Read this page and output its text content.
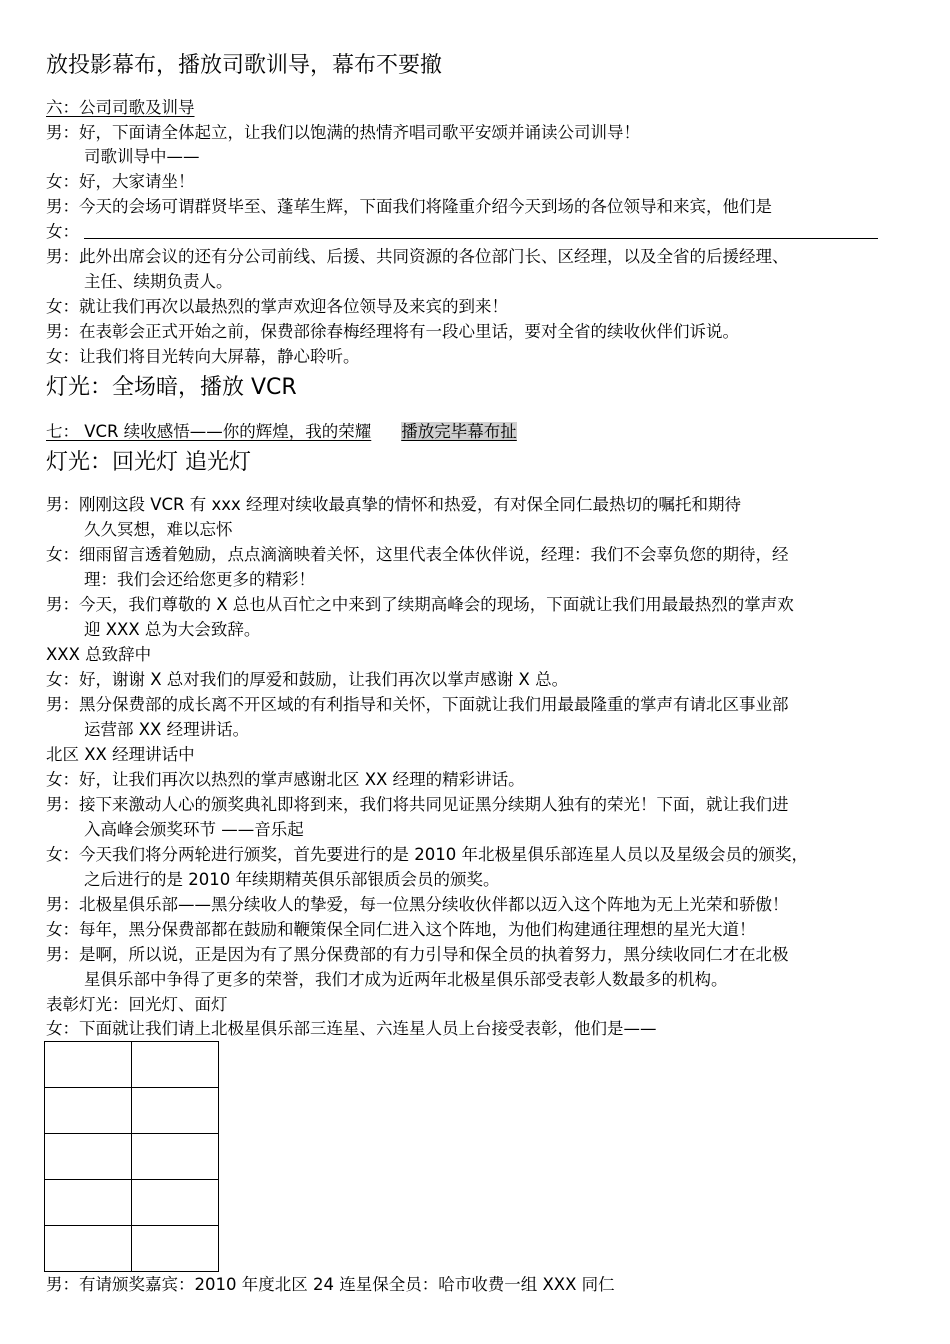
放投影幕布，播放司歌训导，幕布不要撤
六：公司司歌及训导
男：好，下面请全体起立，让我们以饱满的热情齐唱司歌平安颂并诵读公司训导！
司歌训导中——
女：好，大家请坐！
男：今天的会场可谓群贤毕至、蓬荜生辉，下面我们将隆重介绍今天到场的各位领导和来宾，他们是
女：
男：此外出席会议的还有分公司前线、后援、共同资源的各位部门长、区经理，以及全省的后援经理、
主任、续期负责人。
女：就让我们再次以最热烈的掌声欢迎各位领导及来宾的到来！
男：在表彰会正式开始之前，保费部徐春梅经理将有一段心里话，要对全省的续收伙伴们诉说。
女：让我们将目光转向大屏幕，静心聆听。
灯光：全场暗，播放 VCR
七： VCR 续收感悟——你的辉煌，我的荣耀 播放完毕幕布扯
灯光：回光灯 追光灯
男：刚刚这段 VCR 有 xxx 经理对续收最真挚的情怀和热爱，有对保全同仁最热切的嘱托和期待
久久冥想，难以忘怀
女：细雨留言透着勉励，点点滴滴映着关怀，这里代表全体伙伴说，经理：我们不会辜负您的期待，经
理：我们会还给您更多的精彩！
男：今天，我们尊敬的 X 总也从百忙之中来到了续期高峰会的现场，下面就让我们用最最热烈的掌声欢
迎 XXX 总为大会致辞。
XXX 总致辞中
女：好，谢谢 X 总对我们的厚爱和鼓励，让我们再次以掌声感谢 X 总。
男：黑分保费部的成长离不开区域的有利指导和关怀，下面就让我们用最最隆重的掌声有请北区事业部
运营部 XX 经理讲话。
北区 XX 经理讲话中
女：好，让我们再次以热烈的掌声感谢北区 XX 经理的精彩讲话。
男：接下来激动人心的颁奖典礼即将到来，我们将共同见证黑分续期人独有的荣光！下面，就让我们进
入高峰会颁奖环节 ——音乐起
女：今天我们将分两轮进行颁奖，首先要进行的是 2010 年北极星俱乐部连星人员以及星级会员的颁奖，
之后进行的是 2010 年续期精英俱乐部银质会员的颁奖。
男：北极星俱乐部——黑分续收人的挚爱，每一位黑分续收伙伴都以迈入这个阵地为无上光荣和骄傲！
女：每年，黑分保费部都在鼓励和鞭策保全同仁进入这个阵地，为他们构建通往理想的星光大道！
男：是啊，所以说，正是因为有了黑分保费部的有力引导和保全员的执着努力，黑分续收同仁才在北极
星俱乐部中争得了更多的荣誉，我们才成为近两年北极星俱乐部受表彰人数最多的机构。
表彰灯光：回光灯、面灯
女：下面就让我们请上北极星俱乐部三连星、六连星人员上台接受表彰，他们是——

男：有请颁奖嘉宾：2010 年度北区 24 连星保全员：哈市收费一组 XXX 同仁
